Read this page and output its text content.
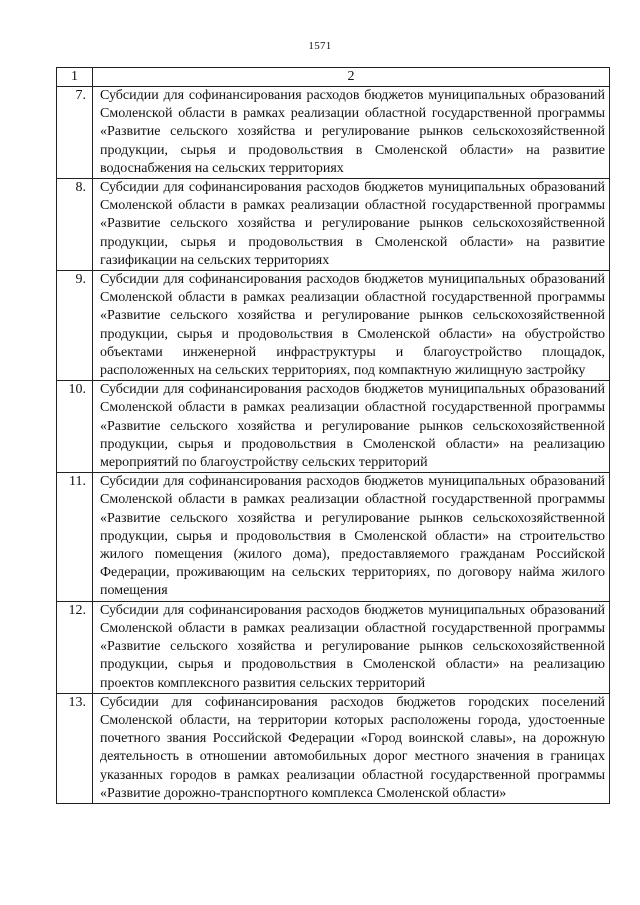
1571
1	2

7.	Субсидии для софинансирования расходов бюджетов муниципальных образований Смоленской области в рамках реализации областной государственной программы «Развитие сельского хозяйства и регулирование рынков сельскохозяйственной продукции, сырья и продовольствия в Смоленской области» на развитие водоснабжения на сельских территориях

8.	Субсидии для софинансирования расходов бюджетов муниципальных образований Смоленской области в рамках реализации областной государственной программы «Развитие сельского хозяйства и регулирование рынков сельскохозяйственной продукции, сырья и продовольствия в Смоленской области» на развитие газификации на сельских территориях

9.	Субсидии для софинансирования расходов бюджетов муниципальных образований Смоленской области в рамках реализации областной государственной программы «Развитие сельского хозяйства и регулирование рынков сельскохозяйственной продукции, сырья и продовольствия в Смоленской области» на обустройство объектами инженерной инфраструктуры и благоустройство площадок, расположенных на сельских территориях, под компактную жилищную застройку

10.	Субсидии для софинансирования расходов бюджетов муниципальных образований Смоленской области в рамках реализации областной государственной программы «Развитие сельского хозяйства и регулирование рынков сельскохозяйственной продукции, сырья и продовольствия в Смоленской области» на реализацию мероприятий по благоустройству сельских территорий

11.	Субсидии для софинансирования расходов бюджетов муниципальных образований Смоленской области в рамках реализации областной государственной программы «Развитие сельского хозяйства и регулирование рынков сельскохозяйственной продукции, сырья и продовольствия в Смоленской области» на строительство жилого помещения (жилого дома), предоставляемого гражданам Российской Федерации, проживающим на сельских территориях, по договору найма жилого помещения

12.	Субсидии для софинансирования расходов бюджетов муниципальных образований Смоленской области в рамках реализации областной государственной программы «Развитие сельского хозяйства и регулирование рынков сельскохозяйственной продукции, сырья и продовольствия в Смоленской области» на реализацию проектов комплексного развития сельских территорий

13.	Субсидии для софинансирования расходов бюджетов городских поселений Смоленской области, на территории которых расположены города, удостоенные почетного звания Российской Федерации «Город воинской славы», на дорожную деятельность в отношении автомобильных дорог местного значения в границах указанных городов в рамках реализации областной государственной программы «Развитие дорожно-транспортного комплекса Смоленской области»
